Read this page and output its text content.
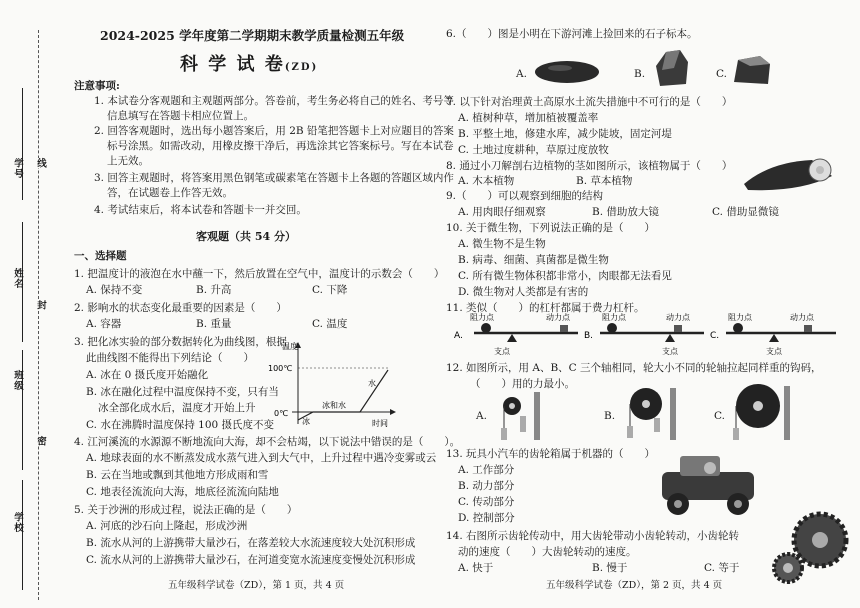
学号
姓名
班级
学校
线
封
密
2024-2025 学年度第二学期期末教学质量检测五年级
科 学 试 卷(ZD)
注意事项:
1. 本试卷分客观题和主观题两部分。答卷前，考生务必将自己的姓名、考号等
信息填写在答题卡相应位置上。
2. 回答客观题时，选出每小题答案后，用 2B 铅笔把答题卡上对应题目的答案
标号涂黑。如需改动，用橡皮擦干净后，再选涂其它答案标号。写在本试卷
上无效。
3. 回答主观题时，将答案用黑色钢笔或碳素笔在答题卡上各题的答题区域内作
答，在试题卷上作答无效。
4. 考试结束后，将本试卷和答题卡一并交回。
客观题（共 54 分）
一、选择题
1. 把温度计的液泡在水中蘸一下，然后放置在空气中，温度计的示数会（　　）
A. 保持不变	B. 升高	C. 下降
2. 影响水的状态变化最重要的因素是（　　）
A. 容器	B. 重量	C. 温度
3. 把化冰实验的部分数据转化为曲线图，根据
此曲线图不能得出下列结论（　　）
A. 冰在 0 摄氏度开始融化
B. 冰在融化过程中温度保持不变，只有当
冰全部化成水后，温度才开始上升
C. 水在沸腾时温度保持 100 摄氏度不变
温度
100℃
0℃
冰
冰和水
水
时间
4. 江河溪流的水源源不断地流向大海，却不会枯竭，以下说法中错误的是（　　）。
A. 地球表面的水不断蒸发成水蒸气进入到大气中，上升过程中遇冷变雾或云
B. 云在当地或飘到其他地方形成雨和雪
C. 地表径流流向大海，地底径流流向陆地
5. 关于沙洲的形成过程，说法正确的是（　　）
A. 河底的沙石向上隆起，形成沙洲
B. 流水从河的上游携带大量沙石，在落差较大水流速度较大处沉积形成
C. 流水从河的上游携带大量沙石，在河道变宽水流速度变慢处沉积形成
五年级科学试卷（ZD），第 1 页，共 4 页
6.（　　）图是小明在下游河滩上捡回来的石子标本。
A.	B.	C.
7. 以下针对治理黄土高原水土流失措施中不可行的是（　　）
A. 植树种草，增加植被覆盖率
B. 平整土地，修建水库，减少陡坡，固定河堤
C. 土地过度耕种，草原过度放牧
8. 通过小刀解剖右边植物的茎如图所示，该植物属于（　　）
A. 木本植物	B. 草本植物
9.（　　）可以观察到细胞的结构
A. 用肉眼仔细观察	B. 借助放大镜	C. 借助显微镜
10. 关于微生物，下列说法正确的是（　　）
A. 微生物不是生物
B. 病毒、细菌、真菌都是微生物
C. 所有微生物体积都非常小，肉眼都无法看见
D. 微生物对人类都是有害的
11. 类似（　　）的杠杆都属于费力杠杆。
A.
阻力点	动力点
支点
B.
阻力点	动力点
支点
C.
阻力点	动力点
支点
12. 如图所示，用 A、B、C 三个轴相同，轮大小不同的轮轴拉起同样重的钩码，
（　　）用的力最小。
A.	B.	C.
13. 玩具小汽车的齿轮箱属于机器的（　　）
A. 工作部分
B. 动力部分
C. 传动部分
D. 控制部分
14. 右图所示齿轮传动中，用大齿轮带动小齿轮转动，小齿轮转
动的速度（　　）大齿轮转动的速度。
A. 快于	B. 慢于	C. 等于
五年级科学试卷（ZD），第 2 页，共 4 页
